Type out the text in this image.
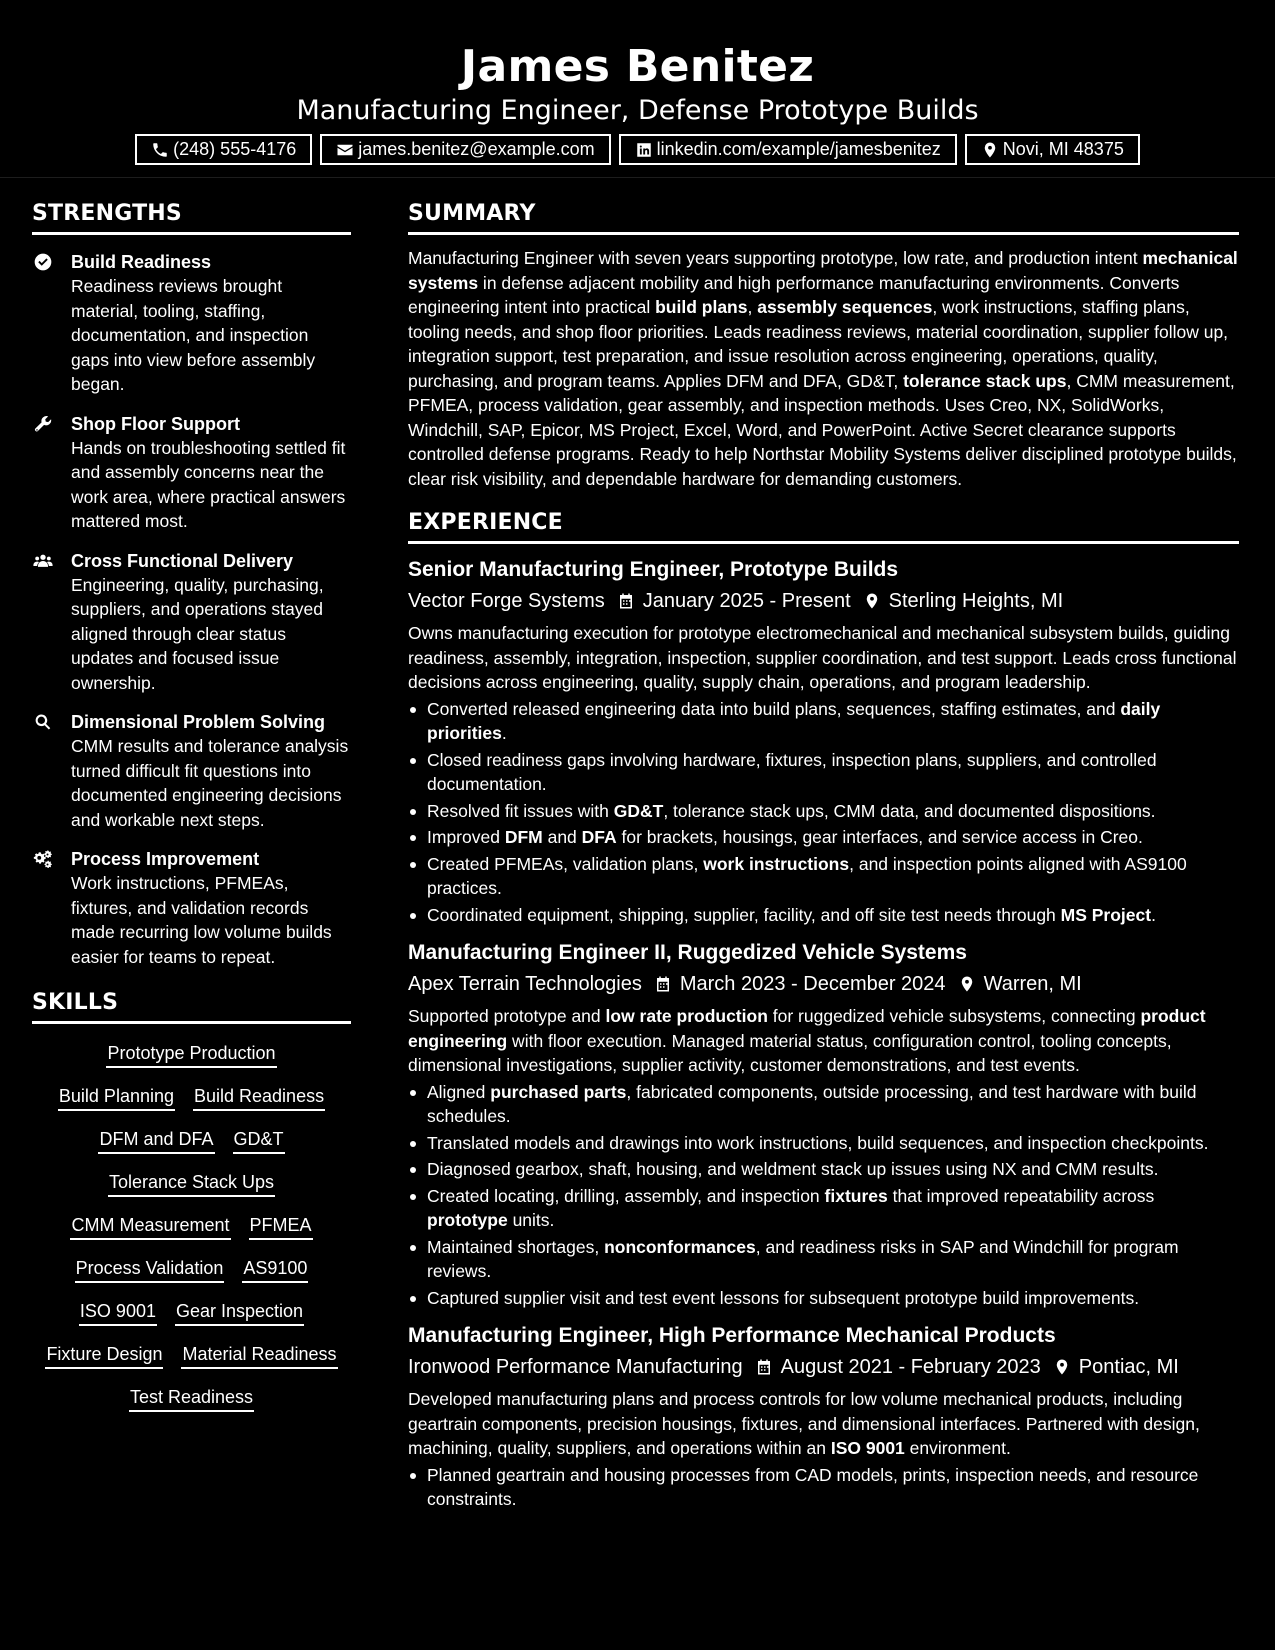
James Benitez
Manufacturing Engineer, Defense Prototype Builds
(248) 555-4176	james.benitez@example.com	linkedin.com/example/jamesbenitez	Novi, MI 48375
STRENGTHS
Build Readiness
Readiness reviews brought material, tooling, staffing, documentation, and inspection gaps into view before assembly began.
Shop Floor Support
Hands on troubleshooting settled fit and assembly concerns near the work area, where practical answers mattered most.
Cross Functional Delivery
Engineering, quality, purchasing, suppliers, and operations stayed aligned through clear status updates and focused issue ownership.
Dimensional Problem Solving
CMM results and tolerance analysis turned difficult fit questions into documented engineering decisions and workable next steps.
Process Improvement
Work instructions, PFMEAs, fixtures, and validation records made recurring low volume builds easier for teams to repeat.
SKILLS
Prototype Production
Build Planning Build Readiness
DFM and DFA GD&T
Tolerance Stack Ups
CMM Measurement PFMEA
Process Validation AS9100
ISO 9001 Gear Inspection
Fixture Design Material Readiness
Test Readiness
SUMMARY
Manufacturing Engineer with seven years supporting prototype, low rate, and production intent mechanical systems in defense adjacent mobility and high performance manufacturing environments. Converts engineering intent into practical build plans, assembly sequences, work instructions, staffing plans, tooling needs, and shop floor priorities. Leads readiness reviews, material coordination, supplier follow up, integration support, test preparation, and issue resolution across engineering, operations, quality, purchasing, and program teams. Applies DFM and DFA, GD&T, tolerance stack ups, CMM measurement, PFMEA, process validation, gear assembly, and inspection methods. Uses Creo, NX, SolidWorks, Windchill, SAP, Epicor, MS Project, Excel, Word, and PowerPoint. Active Secret clearance supports controlled defense programs. Ready to help Northstar Mobility Systems deliver disciplined prototype builds, clear risk visibility, and dependable hardware for demanding customers.
EXPERIENCE
Senior Manufacturing Engineer, Prototype Builds
Vector Forge Systems January 2025 - Present Sterling Heights, MI
Owns manufacturing execution for prototype electromechanical and mechanical subsystem builds, guiding readiness, assembly, integration, inspection, supplier coordination, and test support. Leads cross functional decisions across engineering, quality, supply chain, operations, and program leadership.
Converted released engineering data into build plans, sequences, staffing estimates, and daily priorities.
Closed readiness gaps involving hardware, fixtures, inspection plans, suppliers, and controlled documentation.
Resolved fit issues with GD&T, tolerance stack ups, CMM data, and documented dispositions.
Improved DFM and DFA for brackets, housings, gear interfaces, and service access in Creo.
Created PFMEAs, validation plans, work instructions, and inspection points aligned with AS9100 practices.
Coordinated equipment, shipping, supplier, facility, and off site test needs through MS Project.
Manufacturing Engineer II, Ruggedized Vehicle Systems
Apex Terrain Technologies March 2023 - December 2024 Warren, MI
Supported prototype and low rate production for ruggedized vehicle subsystems, connecting product engineering with floor execution. Managed material status, configuration control, tooling concepts, dimensional investigations, supplier activity, customer demonstrations, and test events.
Aligned purchased parts, fabricated components, outside processing, and test hardware with build schedules.
Translated models and drawings into work instructions, build sequences, and inspection checkpoints.
Diagnosed gearbox, shaft, housing, and weldment stack up issues using NX and CMM results.
Created locating, drilling, assembly, and inspection fixtures that improved repeatability across prototype units.
Maintained shortages, nonconformances, and readiness risks in SAP and Windchill for program reviews.
Captured supplier visit and test event lessons for subsequent prototype build improvements.
Manufacturing Engineer, High Performance Mechanical Products
Ironwood Performance Manufacturing August 2021 - February 2023 Pontiac, MI
Developed manufacturing plans and process controls for low volume mechanical products, including geartrain components, precision housings, fixtures, and dimensional interfaces. Partnered with design, machining, quality, suppliers, and operations within an ISO 9001 environment.
Planned geartrain and housing processes from CAD models, prints, inspection needs, and resource constraints.
